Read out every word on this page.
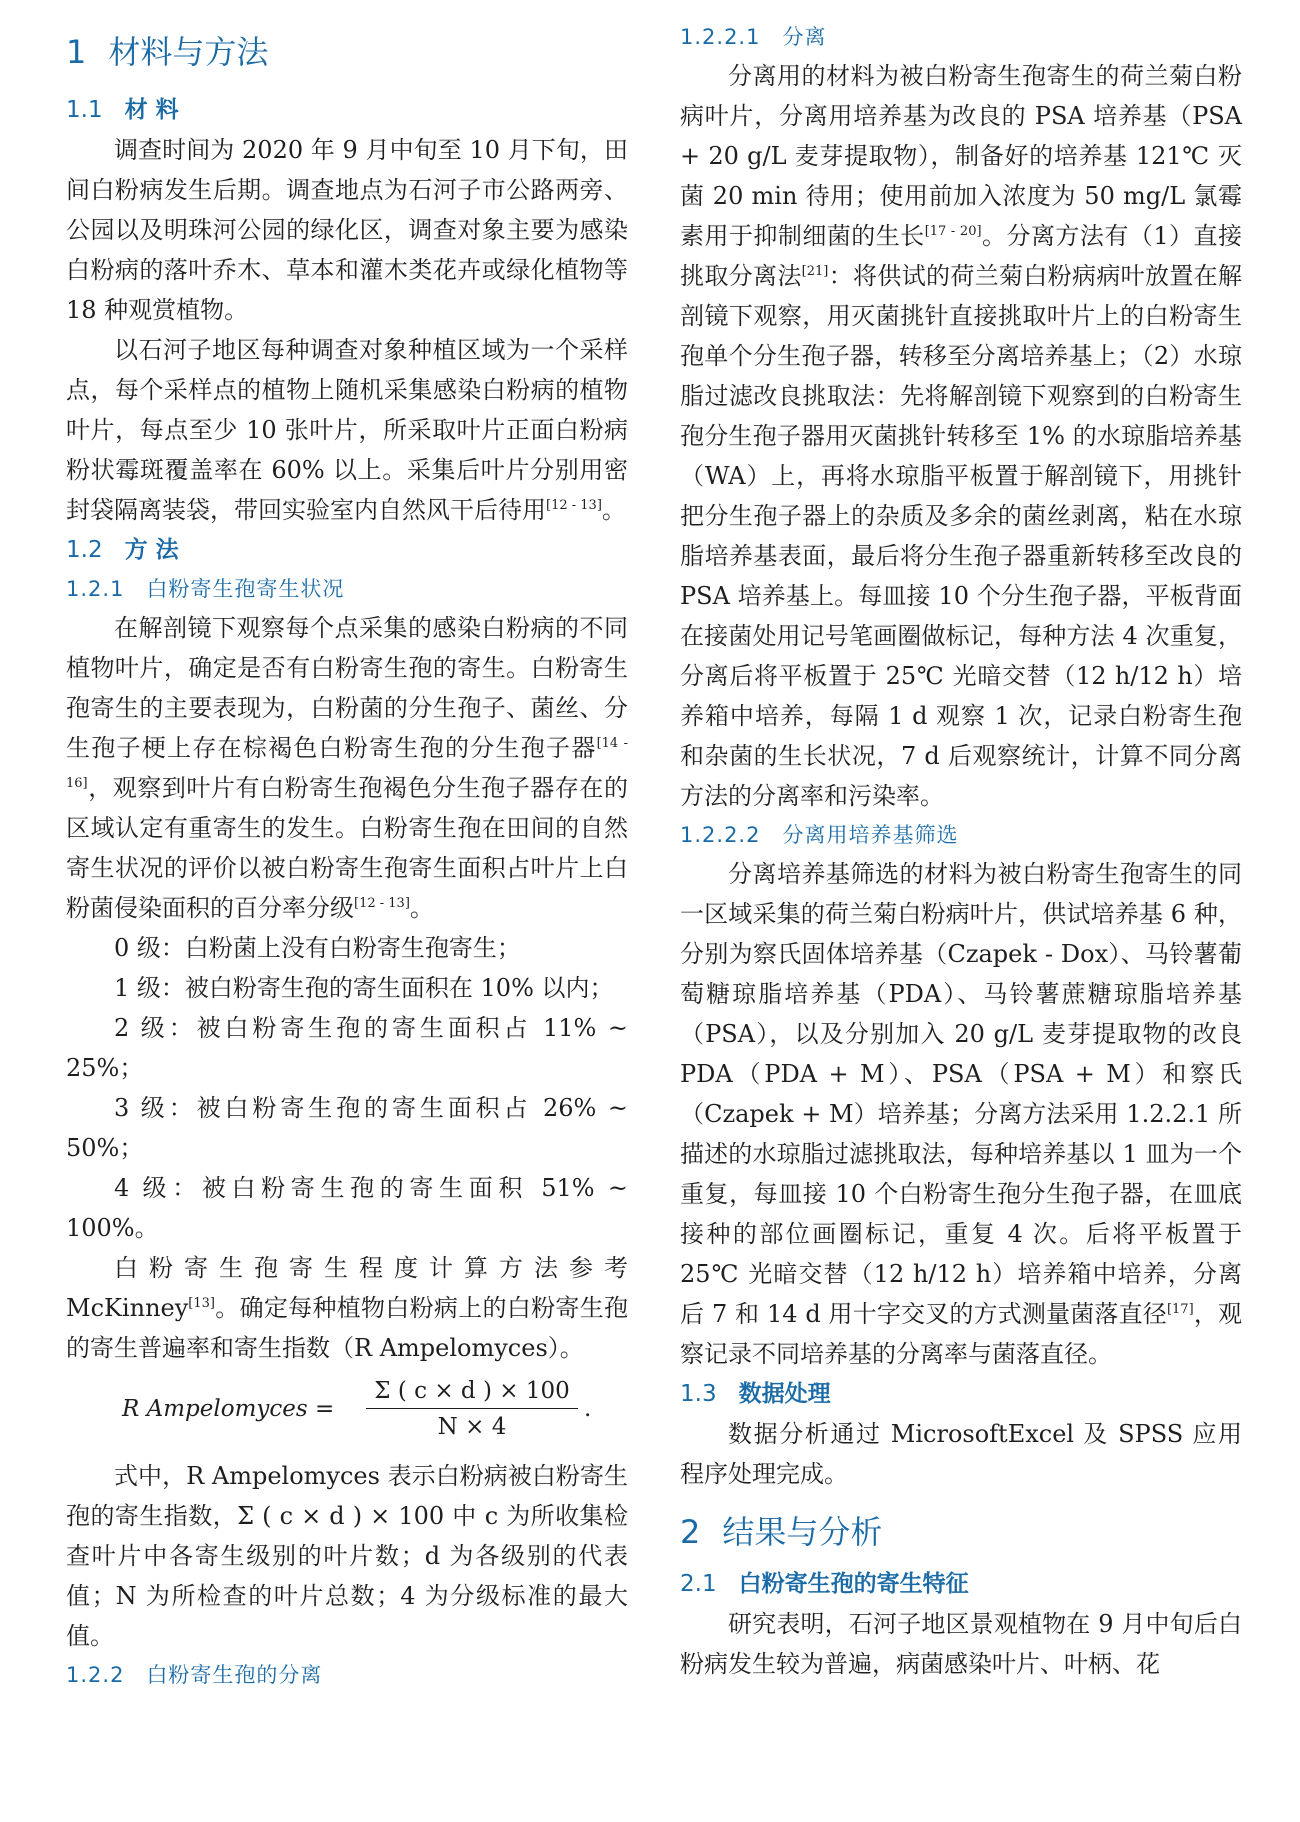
1 材料与方法
1.1 材 料

调查时间为 2020 年 9 月中旬至 10 月下旬，田间白粉病发生后期。调查地点为石河子市公路两旁、公园以及明珠河公园的绿化区，调查对象主要为感染白粉病的落叶乔木、草本和灌木类花卉或绿化植物等 18 种观赏植物。

以石河子地区每种调查对象种植区域为一个采样点，每个采样点的植物上随机采集感染白粉病的植物叶片，每点至少 10 张叶片，所采取叶片正面白粉病粉状霉斑覆盖率在 60% 以上。采集后叶片分别用密封袋隔离装袋，带回实验室内自然风干后待用[12 - 13]。

1.2 方 法
1.2.1 白粉寄生孢寄生状况

在解剖镜下观察每个点采集的感染白粉病的不同植物叶片，确定是否有白粉寄生孢的寄生。白粉寄生孢寄生的主要表现为，白粉菌的分生孢子、菌丝、分生孢子梗上存在棕褐色白粉寄生孢的分生孢子器[14 - 16]，观察到叶片有白粉寄生孢褐色分生孢子器存在的区域认定有重寄生的发生。白粉寄生孢在田间的自然寄生状况的评价以被白粉寄生孢寄生面积占叶片上白粉菌侵染面积的百分率分级[12 - 13]。

0 级：白粉菌上没有白粉寄生孢寄生；

1 级：被白粉寄生孢的寄生面积在 10% 以内；

2 级：被白粉寄生孢的寄生面积占 11% ~ 25%；

3 级：被白粉寄生孢的寄生面积占 26% ~ 50%；

4 级：被白粉寄生孢的寄生面积 51% ~ 100%。

白粉寄生孢寄生程度计算方法参考 McKinney[13]。确定每种植物白粉病上的白粉寄生孢的寄生普遍率和寄生指数（R Ampelomyces）。

R Ampelomyces = $\frac{\Sigma ( c \times d ) \times 100}{N \times 4}$ .

式中，R Ampelomyces 表示白粉病被白粉寄生孢的寄生指数，Σ ( c × d ) × 100 中 c 为所收集检查叶片中各寄生级别的叶片数；d 为各级别的代表值；N 为所检查的叶片总数；4 为分级标准的最大值。

1.2.2 白粉寄生孢的分离
1.2.2.1 分离

分离用的材料为被白粉寄生孢寄生的荷兰菊白粉病叶片，分离用培养基为改良的 PSA 培养基（PSA + 20 g/L 麦芽提取物），制备好的培养基 121℃ 灭菌 20 min 待用；使用前加入浓度为 50 mg/L 氯霉素用于抑制细菌的生长[17 - 20]。分离方法有（1）直接挑取分离法[21]：将供试的荷兰菊白粉病病叶放置在解剖镜下观察，用灭菌挑针直接挑取叶片上的白粉寄生孢单个分生孢子器，转移至分离培养基上；（2）水琼脂过滤改良挑取法：先将解剖镜下观察到的白粉寄生孢分生孢子器用灭菌挑针转移至 1% 的水琼脂培养基（WA）上，再将水琼脂平板置于解剖镜下，用挑针把分生孢子器上的杂质及多余的菌丝剥离，粘在水琼脂培养基表面，最后将分生孢子器重新转移至改良的 PSA 培养基上。每皿接 10 个分生孢子器，平板背面在接菌处用记号笔画圈做标记，每种方法 4 次重复，分离后将平板置于 25℃ 光暗交替（12 h/12 h）培养箱中培养，每隔 1 d 观察 1 次，记录白粉寄生孢和杂菌的生长状况，7 d 后观察统计，计算不同分离方法的分离率和污染率。

1.2.2.2 分离用培养基筛选

分离培养基筛选的材料为被白粉寄生孢寄生的同一区域采集的荷兰菊白粉病叶片，供试培养基 6 种，分别为察氏固体培养基（Czapek - Dox）、马铃薯葡萄糖琼脂培养基（PDA）、马铃薯蔗糖琼脂培养基（PSA），以及分别加入 20 g/L 麦芽提取物的改良 PDA（PDA + M）、PSA（PSA + M）和察氏（Czapek + M）培养基；分离方法采用 1.2.2.1 所描述的水琼脂过滤挑取法，每种培养基以 1 皿为一个重复，每皿接 10 个白粉寄生孢分生孢子器，在皿底接种的部位画圈标记，重复 4 次。后将平板置于 25℃ 光暗交替（12 h/12 h）培养箱中培养，分离后 7 和 14 d 用十字交叉的方式测量菌落直径[17]，观察记录不同培养基的分离率与菌落直径。

1.3 数据处理

数据分析通过 MicrosoftExcel 及 SPSS 应用程序处理完成。

2 结果与分析
2.1 白粉寄生孢的寄生特征

研究表明，石河子地区景观植物在 9 月中旬后白粉病发生较为普遍，病菌感染叶片、叶柄、花
